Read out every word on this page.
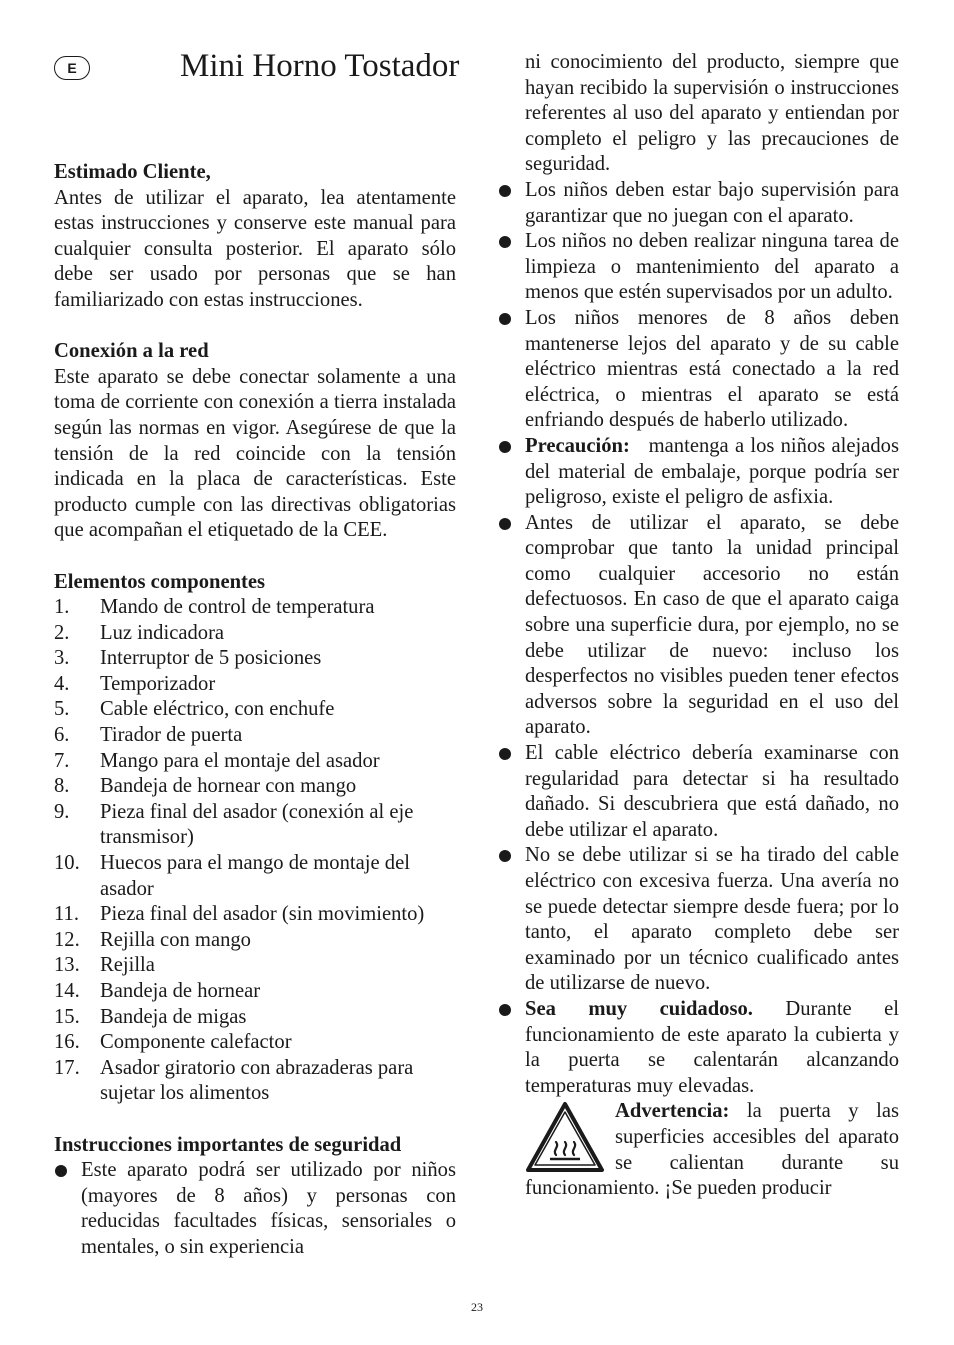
E	Mini Horno Tostador
Estimado Cliente,

Antes de utilizar el aparato, lea atentamente estas instrucciones y conserve este manual para cualquier consulta posterior. El aparato sólo debe ser usado por personas que se han familiarizado con estas instrucciones.

Conexión a la red

Este aparato se debe conectar solamente a una toma de corriente con conexión a tierra instalada según las normas en vigor. Asegúrese de que la tensión de la red coincide con la tensión indicada en la placa de características. Este producto cumple con las directivas obligatorias que acompañan el etiquetado de la CEE.

Elementos componentes
1. Mando de control de temperatura
2. Luz indicadora
3. Interruptor de 5 posiciones
4. Temporizador
5. Cable eléctrico, con enchufe
6. Tirador de puerta
7. Mango para el montaje del asador
8. Bandeja de hornear con mango
9. Pieza final del asador (conexión al eje transmisor)
10. Huecos para el mango de montaje del asador
11. Pieza final del asador (sin movimiento)
12. Rejilla con mango
13. Rejilla
14. Bandeja de hornear
15. Bandeja de migas
16. Componente calefactor
17. Asador giratorio con abrazaderas para sujetar los alimentos
Instrucciones importantes de seguridad
Este aparato podrá ser utilizado por niños (mayores de 8 años) y personas con reducidas facultades físicas, sensoriales o mentales, o sin experiencia

ni conocimiento del producto, siempre que hayan recibido la supervisión o instrucciones referentes al uso del aparato y entiendan por completo el peligro y las precauciones de seguridad.

Los niños deben estar bajo supervisión para garantizar que no juegan con el aparato.
Los niños no deben realizar ninguna tarea de limpieza o mantenimiento del aparato a menos que estén supervisados por un adulto.
Los niños menores de 8 años deben mantenerse lejos del aparato y de su cable eléctrico mientras está conectado a la red eléctrica, o mientras el aparato se está enfriando después de haberlo utilizado.
Precaución: mantenga a los niños alejados del material de embalaje, porque podría ser peligroso, existe el peligro de asfixia.
Antes de utilizar el aparato, se debe comprobar que tanto la unidad principal como cualquier accesorio no están defectuosos. En caso de que el aparato caiga sobre una superficie dura, por ejemplo, no se debe utilizar de nuevo: incluso los desperfectos no visibles pueden tener efectos adversos sobre la seguridad en el uso del aparato.
El cable eléctrico debería examinarse con regularidad para detectar si ha resultado dañado. Si descubriera que está dañado, no debe utilizar el aparato.
No se debe utilizar si se ha tirado del cable eléctrico con excesiva fuerza. Una avería no se puede detectar siempre desde fuera; por lo tanto, el aparato completo debe ser examinado por un técnico cualificado antes de utilizarse de nuevo.
Sea muy cuidadoso. Durante el funcionamiento de este aparato la cubierta y la puerta se calentarán alcanzando temperaturas muy elevadas.
Advertencia: la puerta y las superficies accesibles del aparato se calientan durante su funcionamiento. ¡Se pueden producir
23
